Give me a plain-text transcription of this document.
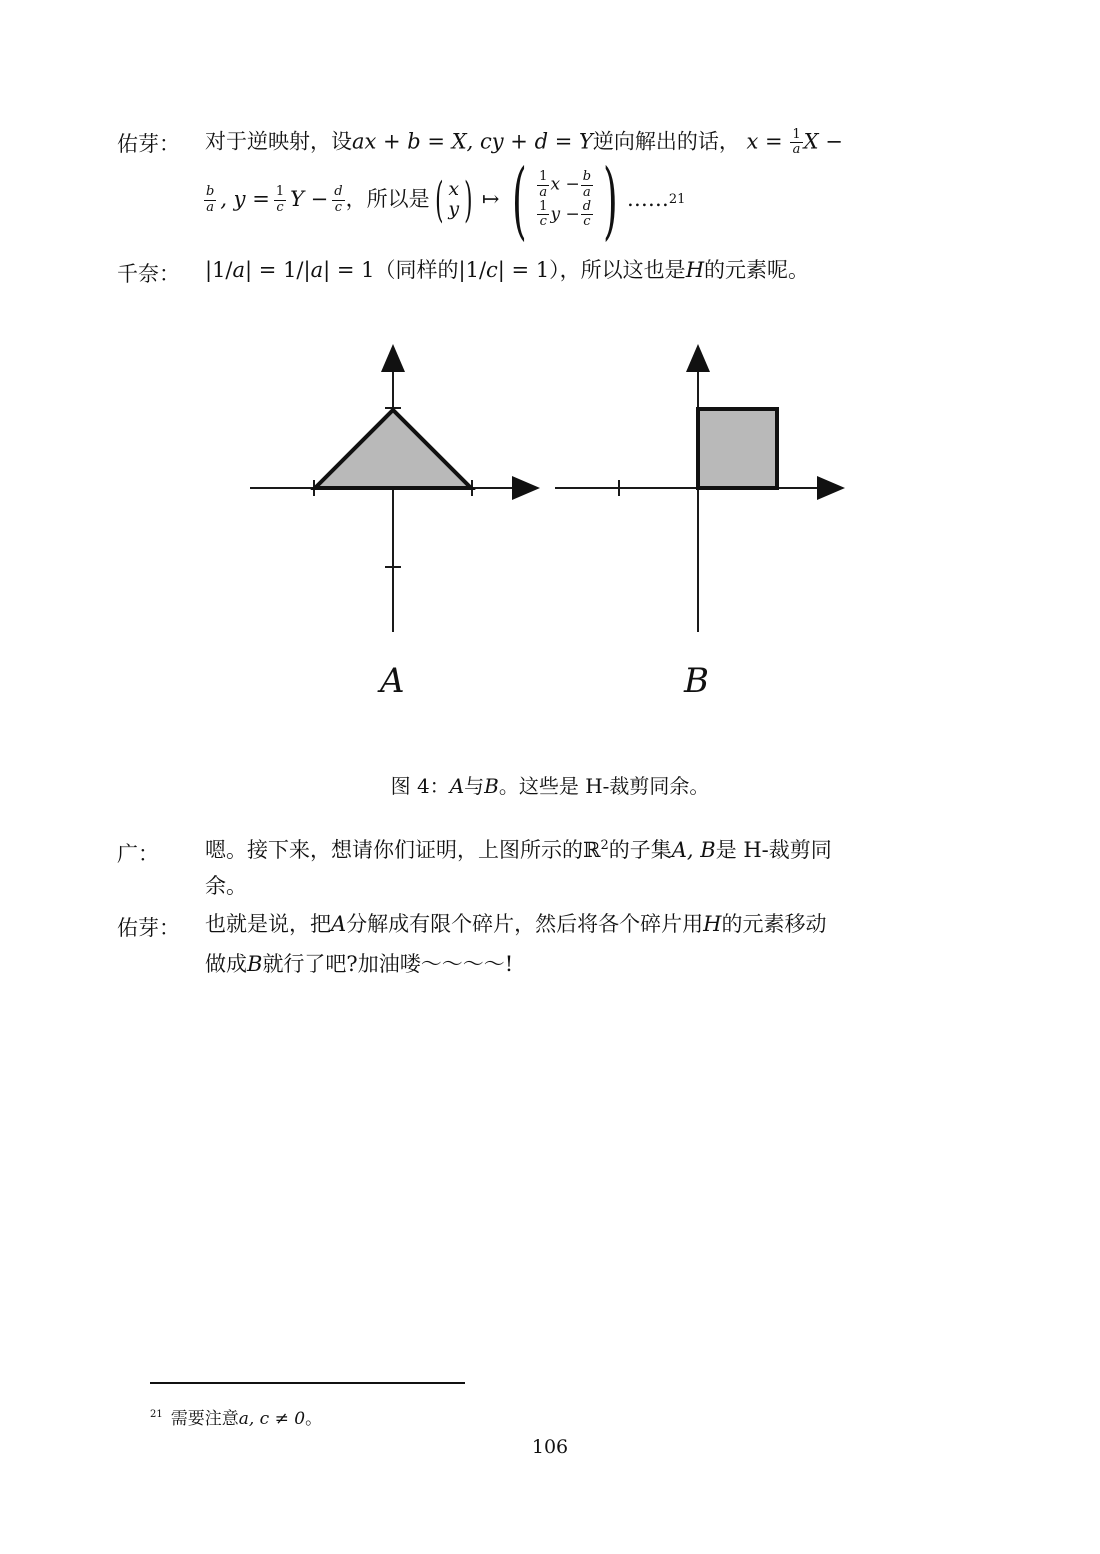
佑芽： 对于逆映射，设ax + b = X, cy + d = Y逆向解出的话， $x = \frac{1}{a}$ X −
$\frac{b}{a}$ , $y = \frac{1}{c}$ $Y - \frac{d}{c}$ ，所以是 ( x
y ) ↦ ( $\frac{1}{a}$ $x - \frac{b}{a}$
$\frac{1}{c}$ $y - \frac{d}{c}$ ) …… 21
千奈： |1/a| = 1/|a| = 1（同样的|1/c| = 1），所以这也是H的元素呢。
A	B
图 4：A与B。这些是 H-裁剪同余。
广： 嗯。接下来，想请你们证明，上图所示的ℝ$^2$的子集A, B是 H-裁剪同
余。
佑芽： 也就是说，把A分解成有限个碎片，然后将各个碎片用H的元素移动
做成B就行了吧?加油喽～～～～!
$^{21}$ 需要注意a, c ≠ 0。
106
